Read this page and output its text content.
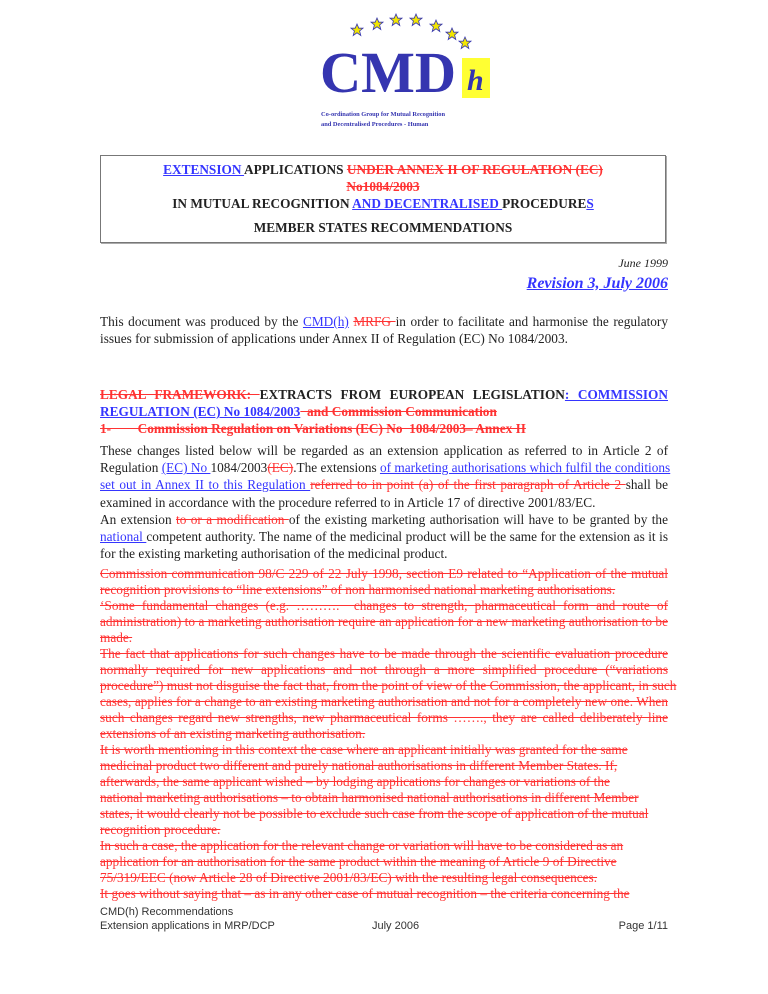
CMD h
Co-ordination Group for Mutual Recognition
and Decentralised Procedures - Human
EXTENSION APPLICATIONS UNDER ANNEX II OF REGULATION (EC)
No1084/2003
IN MUTUAL RECOGNITION AND DECENTRALISED PROCEDURES
MEMBER STATES RECOMMENDATIONS
June 1999
Revision 3, July 2006
This document was produced by the CMD(h) MRFG in order to facilitate and harmonise the regulatory
issues for submission of applications under Annex II of Regulation (EC) No 1084/2003.
LEGAL FRAMEWORK: EXTRACTS FROM EUROPEAN LEGISLATION: COMMISSION
REGULATION (EC) No 1084/2003  and Commission Communication
1-        Commission Regulation on Variations (EC) No  1084/2003– Annex II
These changes listed below will be regarded as an extension application as referred to in Article 2 of
Regulation (EC) No 1084/2003(EC).The extensions of marketing authorisations which fulfil the conditions
set out in Annex II to this Regulation referred to in point (a) of the first paragraph of Article 2 shall be
examined in accordance with the procedure referred to in Article 17 of directive 2001/83/EC.
An extension to or a modification of the existing marketing authorisation will have to be granted by the
national competent authority. The name of the medicinal product will be the same for the extension as it is
for the existing marketing authorisation of the medicinal product.
Commission communication 98/C 229 of 22 July 1998, section E9 related to “Application of the mutual
recognition provisions to “line extensions” of non harmonised national marketing authorisations.
‘Some fundamental changes (e.g. ……….  changes to strength, pharmaceutical form and route of
administration) to a marketing authorisation require an application for a new marketing authorisation to be
made.
The fact that applications for such changes have to be made through the scientific evaluation procedure
normally required for new applications and not through a more simplified procedure (“variations
procedure”) must not disguise the fact that, from the point of view of the Commission, the applicant, in such
cases, applies for a change to an existing marketing authorisation and not for a completely new one. When
such changes regard new strengths, new pharmaceutical forms ……., they are called deliberately line
extensions of an existing marketing authorisation.
It is worth mentioning in this context the case where an applicant initially was granted for the same
medicinal product two different and purely national authorisations in different Member States. If,
afterwards, the same applicant wished – by lodging applications for changes or variations of the
national marketing authorisations – to obtain harmonised national authorisations in different Member
states, it would clearly not be possible to exclude such case from the scope of application of the mutual
recognition procedure.
In such a case, the application for the relevant change or variation will have to be considered as an
application for an authorisation for the same product within the meaning of Article 9 of Directive
75/319/EEC (now Article 28 of Directive 2001/83/EC) with the resulting legal consequences.
It goes without saying that – as in any other case of mutual recognition – the criteria concerning the
CMD(h) Recommendations
Extension applications in MRP/DCP	July 2006	Page 1/11
